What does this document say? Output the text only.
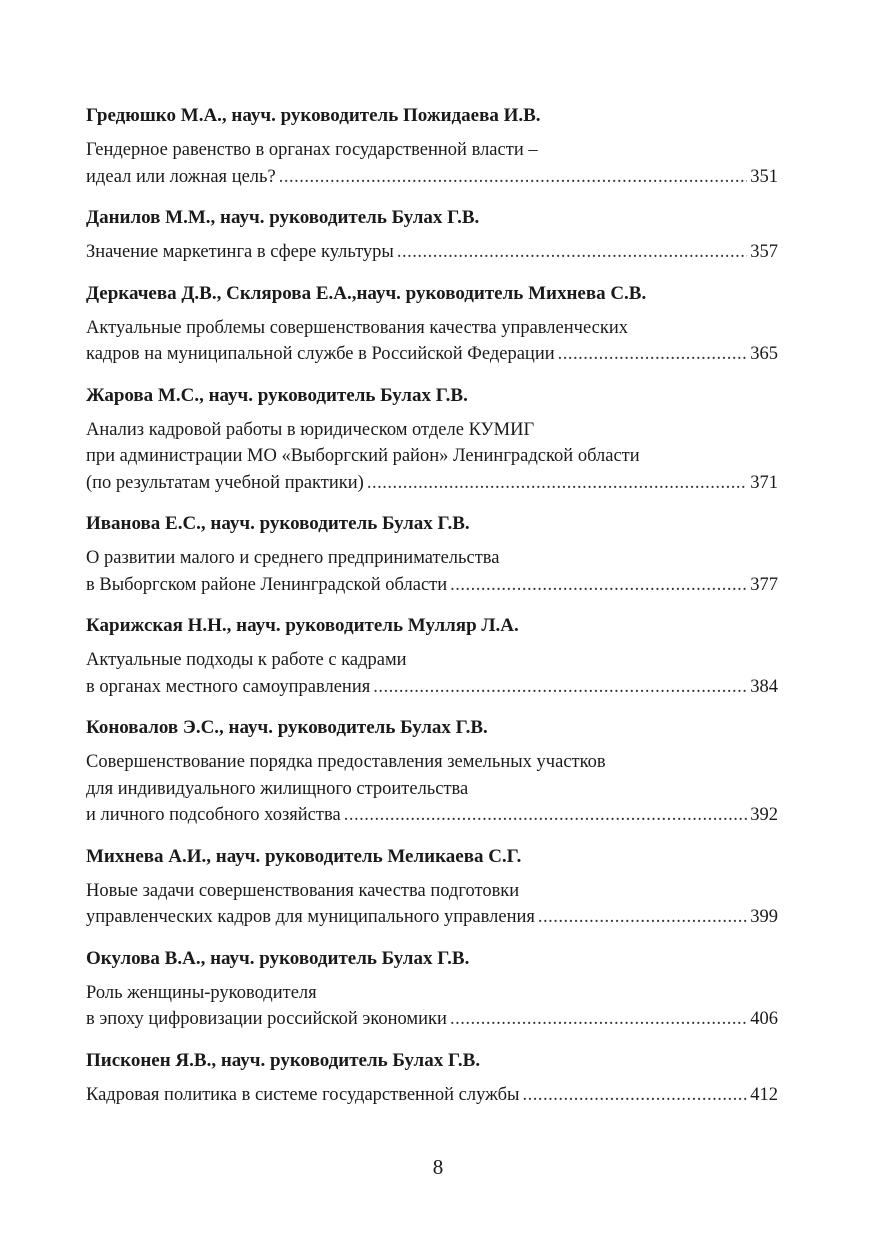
Гредюшко М.А., науч. руководитель Пожидаева И.В.
Гендерное равенство в органах государственной власти –
идеал или ложная цель? .....	351
Данилов М.М., науч. руководитель Булах Г.В.
Значение маркетинга в сфере культуры .....	357
Деркачева Д.В., Склярова Е.А.,науч. руководитель Михнева С.В.
Актуальные проблемы совершенствования качества управленческих
кадров на муниципальной службе в Российской Федерации .....	365
Жарова М.С., науч. руководитель Булах Г.В.
Анализ кадровой работы в юридическом отделе КУМИГ
при администрации МО «Выборгский район» Ленинградской области
(по результатам учебной практики) .....	371
Иванова Е.С., науч. руководитель Булах Г.В.
О развитии малого и среднего предпринимательства
в Выборгском районе Ленинградской области .....	377
Карижская Н.Н., науч. руководитель Мулляр Л.А.
Актуальные подходы к работе с кадрами
в органах местного самоуправления .....	384
Коновалов Э.С., науч. руководитель Булах Г.В.
Совершенствование порядка предоставления земельных участков
для индивидуального жилищного строительства
и личного подсобного хозяйства .....	392
Михнева А.И., науч. руководитель Меликаева С.Г.
Новые задачи совершенствования качества подготовки
управленческих кадров для муниципального управления .....	399
Окулова В.А., науч. руководитель Булах Г.В.
Роль женщины-руководителя
в эпоху цифровизации российской экономики .....	406
Писконен Я.В., науч. руководитель Булах Г.В.
Кадровая политика в системе государственной службы .....	412
8
